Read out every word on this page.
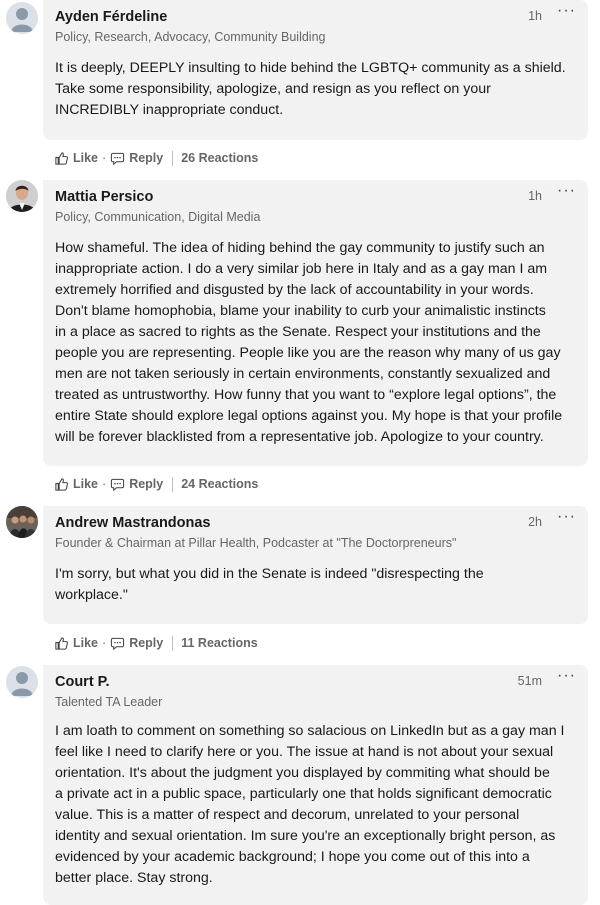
Ayden Férdeline
Policy, Research, Advocacy, Community Building
1h ···
It is deeply, DEEPLY insulting to hide behind the LGBTQ+ community as a shield.
Take some responsibility, apologize, and resign as you reflect on your
INCREDIBLY inappropriate conduct.
Like · Reply 26 Reactions
Mattia Persico
Policy, Communication, Digital Media
1h ···
How shameful. The idea of hiding behind the gay community to justify such an
inappropriate action. I do a very similar job here in Italy and as a gay man I am
extremely horrified and disgusted by the lack of accountability in your words.
Don't blame homophobia, blame your inability to curb your animalistic instincts
in a place as sacred to rights as the Senate. Respect your institutions and the
people you are representing. People like you are the reason why many of us gay
men are not taken seriously in certain environments, constantly sexualized and
treated as untrustworthy. How funny that you want to “explore legal options”, the
entire State should explore legal options against you. My hope is that your profile
will be forever blacklisted from a representative job. Apologize to your country.
Like · Reply 24 Reactions
Andrew Mastrandonas
Founder & Chairman at Pillar Health, Podcaster at "The Doctorpreneurs"
2h ···
I'm sorry, but what you did in the Senate is indeed "disrespecting the
workplace."
Like · Reply 11 Reactions
Court P.
Talented TA Leader
51m ···
I am loath to comment on something so salacious on LinkedIn but as a gay man I
feel like I need to clarify here or you. The issue at hand is not about your sexual
orientation. It's about the judgment you displayed by commiting what should be
a private act in a public space, particularly one that holds significant democratic
value. This is a matter of respect and decorum, unrelated to your personal
identity and sexual orientation. Im sure you're an exceptionally bright person, as
evidenced by your academic background; I hope you come out of this into a
better place. Stay strong.
